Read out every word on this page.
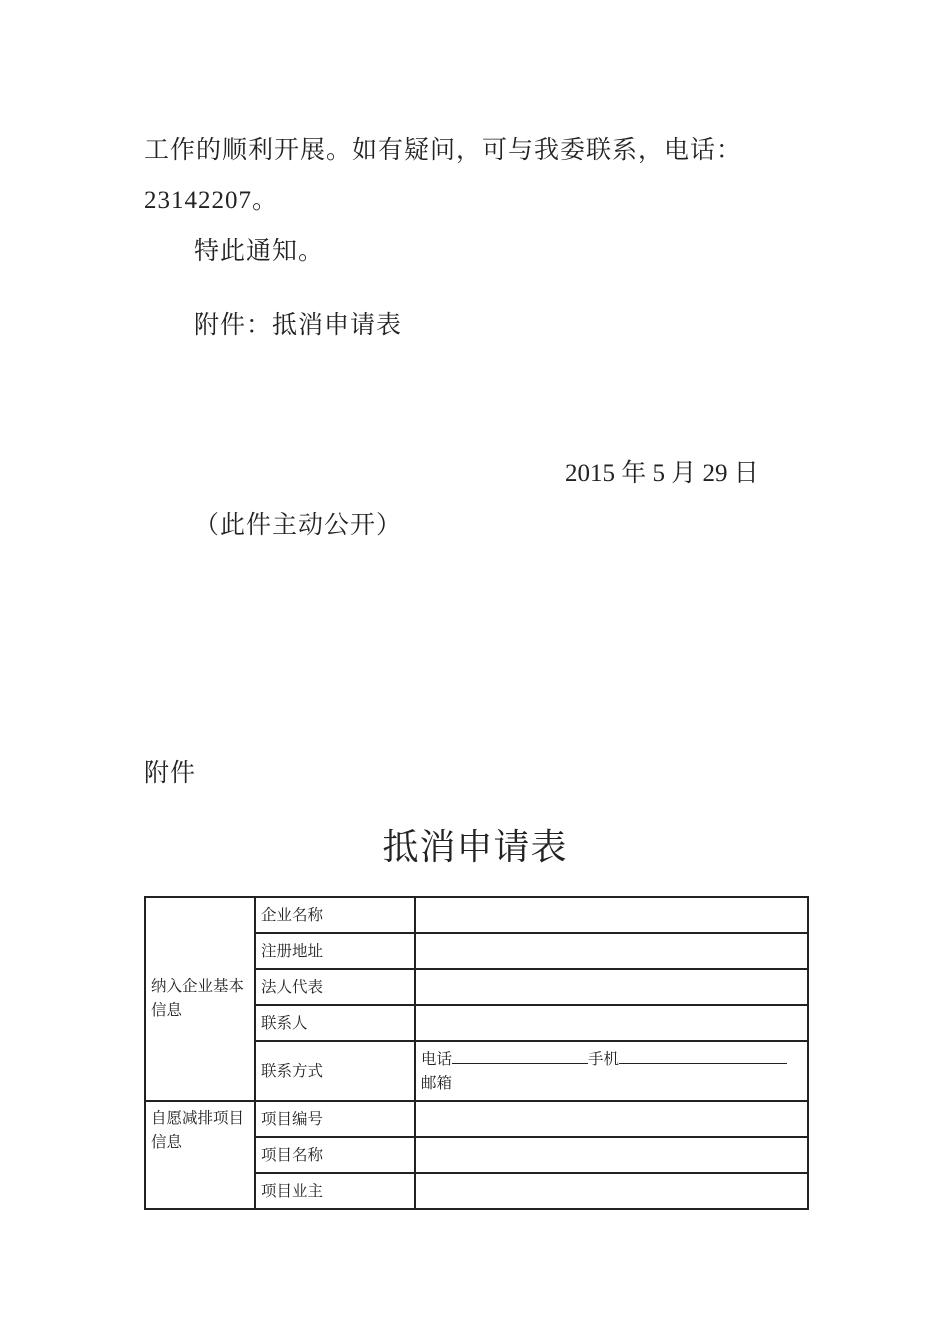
工作的顺利开展。如有疑问，可与我委联系，电话：
23142207。
特此通知。
附件：抵消申请表
2015 年 5 月 29 日
（此件主动公开）
附件
抵消申请表
纳入企业基本信息	企业名称	
	注册地址	
	法人代表	
	联系人	
	联系方式	电话 手机
邮箱
自愿减排项目信息	项目编号	
	项目名称	
	项目业主	
